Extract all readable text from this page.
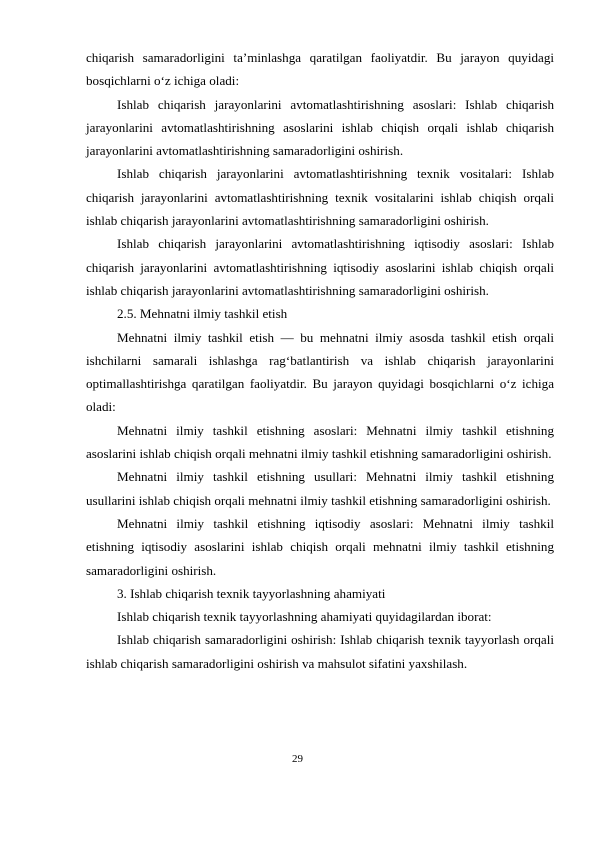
chiqarish samaradorligini ta’minlashga qaratilgan faoliyatdir. Bu jarayon quyidagi bosqichlarni o‘z ichiga oladi:

Ishlab chiqarish jarayonlarini avtomatlashtirishning asoslari: Ishlab chiqarish jarayonlarini avtomatlashtirishning asoslarini ishlab chiqish orqali ishlab chiqarish jarayonlarini avtomatlashtirishning samaradorligini oshirish.

Ishlab chiqarish jarayonlarini avtomatlashtirishning texnik vositalari: Ishlab chiqarish jarayonlarini avtomatlashtirishning texnik vositalarini ishlab chiqish orqali ishlab chiqarish jarayonlarini avtomatlashtirishning samaradorligini oshirish.

Ishlab chiqarish jarayonlarini avtomatlashtirishning iqtisodiy asoslari: Ishlab chiqarish jarayonlarini avtomatlashtirishning iqtisodiy asoslarini ishlab chiqish orqali ishlab chiqarish jarayonlarini avtomatlashtirishning samaradorligini oshirish.

2.5. Mehnatni ilmiy tashkil etish

Mehnatni ilmiy tashkil etish — bu mehnatni ilmiy asosda tashkil etish orqali ishchilarni samarali ishlashga rag‘batlantirish va ishlab chiqarish jarayonlarini optimallashtirishga qaratilgan faoliyatdir. Bu jarayon quyidagi bosqichlarni o‘z ichiga oladi:

Mehnatni ilmiy tashkil etishning asoslari: Mehnatni ilmiy tashkil etishning asoslarini ishlab chiqish orqali mehnatni ilmiy tashkil etishning samaradorligini oshirish.

Mehnatni ilmiy tashkil etishning usullari: Mehnatni ilmiy tashkil etishning usullarini ishlab chiqish orqali mehnatni ilmiy tashkil etishning samaradorligini oshirish.

Mehnatni ilmiy tashkil etishning iqtisodiy asoslari: Mehnatni ilmiy tashkil etishning iqtisodiy asoslarini ishlab chiqish orqali mehnatni ilmiy tashkil etishning samaradorligini oshirish.

3. Ishlab chiqarish texnik tayyorlashning ahamiyati

Ishlab chiqarish texnik tayyorlashning ahamiyati quyidagilardan iborat:

Ishlab chiqarish samaradorligini oshirish: Ishlab chiqarish texnik tayyorlash orqali ishlab chiqarish samaradorligini oshirish va mahsulot sifatini yaxshilash.

29
